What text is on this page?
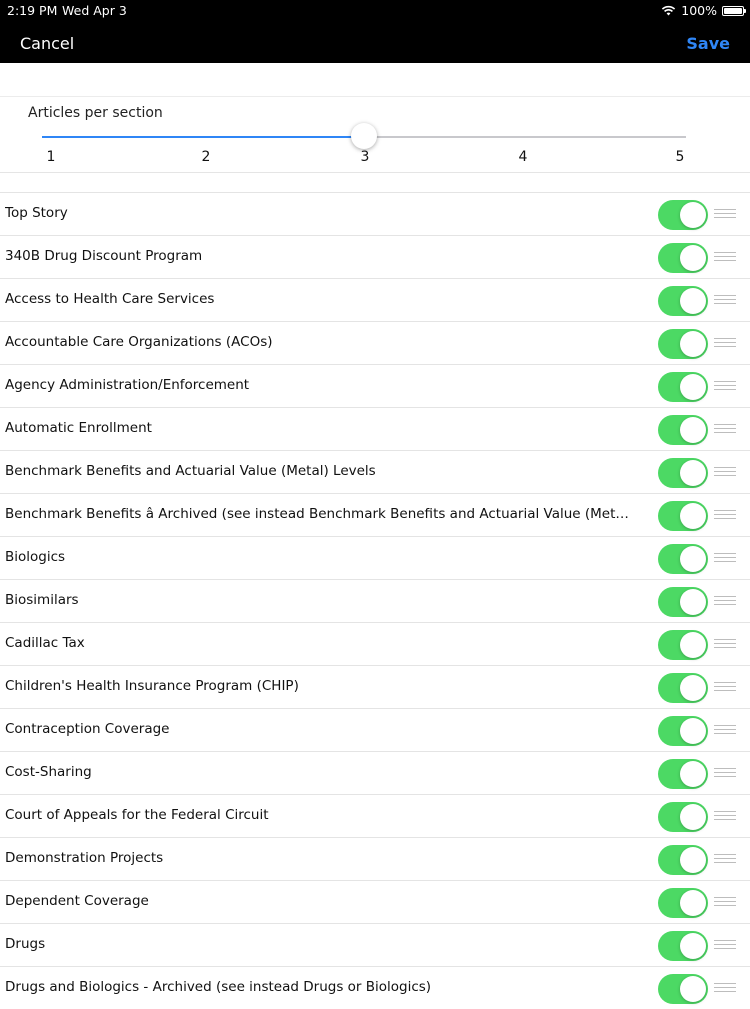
2:19 PM Wed Apr 3	100%
Cancel	Save
Articles per section
1	2	3	4	5
Top Story
340B Drug Discount Program
Access to Health Care Services
Accountable Care Organizations (ACOs)
Agency Administration/Enforcement
Automatic Enrollment
Benchmark Benefits and Actuarial Value (Metal) Levels
Benchmark Benefits â Archived (see instead Benchmark Benefits and Actuarial Value (Met…
Biologics
Biosimilars
Cadillac Tax
Children's Health Insurance Program (CHIP)
Contraception Coverage
Cost-Sharing
Court of Appeals for the Federal Circuit
Demonstration Projects
Dependent Coverage
Drugs
Drugs and Biologics - Archived (see instead Drugs or Biologics)
